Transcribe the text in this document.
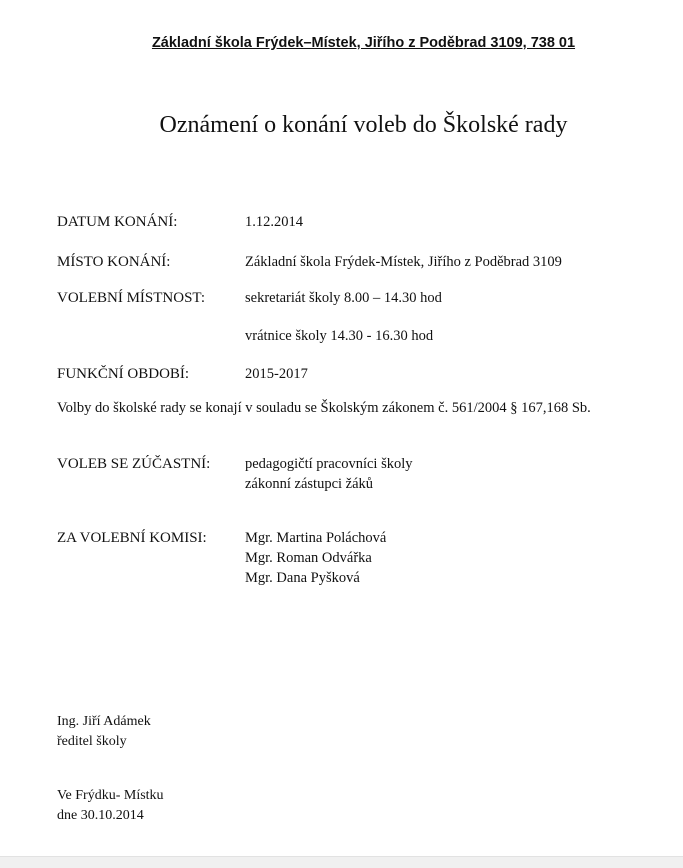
Základní škola Frýdek–Místek, Jiřího z Poděbrad 3109, 738 01
Oznámení o konání voleb do Školské rady
DATUM KONÁNÍ:	1.12.2014
MÍSTO KONÁNÍ:	Základní škola Frýdek-Místek, Jiřího z Poděbrad 3109
VOLEBNÍ MÍSTNOST:	sekretariát školy 8.00 – 14.30 hod
vrátnice školy 14.30 - 16.30 hod
FUNKČNÍ OBDOBÍ:	2015-2017
Volby do školské rady se konají v souladu se Školským zákonem č. 561/2004 § 167,168 Sb.
VOLEB SE ZÚČASTNÍ: pedagogičtí pracovníci školy
zákonní zástupci žáků
ZA VOLEBNÍ KOMISI:	Mgr. Martina Poláchová
Mgr. Roman Odvářka
Mgr. Dana Pyšková
Ing. Jiří Adámek
ředitel školy
Ve Frýdku- Místku
dne 30.10.2014
